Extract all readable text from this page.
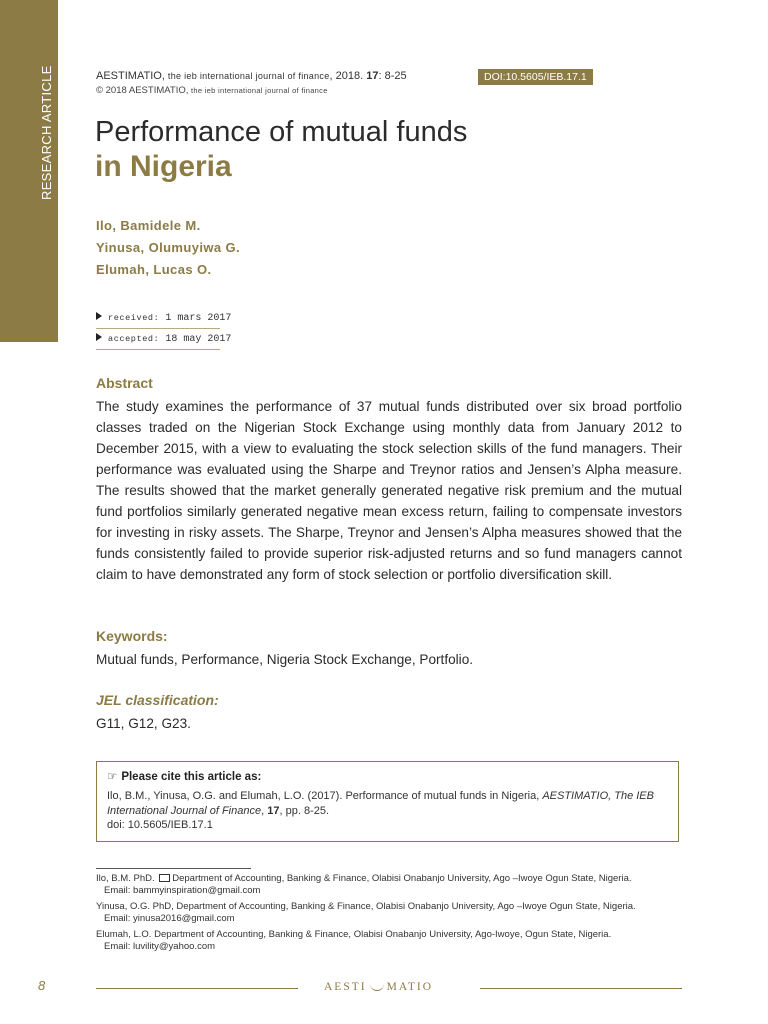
RESEARCH ARTICLE	AESTIMATIO, the ieb international journal of finance, 2018. 17: 8-25	DOI:10.5605/IEB.17.1
© 2018 AESTIMATIO, the ieb international journal of finance
Performance of mutual funds
in Nigeria
Ilo, Bamidele M.
Yinusa, Olumuyiwa G.
Elumah, Lucas O.
received: 1 mars 2017
accepted: 18 may 2017
Abstract
The study examines the performance of 37 mutual funds distributed over six broad portfolio classes traded on the Nigerian Stock Exchange using monthly data from January 2012 to December 2015, with a view to evaluating the stock selection skills of the fund managers. Their performance was evaluated using the Sharpe and Treynor ratios and Jensen’s Alpha measure. The results showed that the market generally generated negative risk premium and the mutual fund portfolios similarly generated negative mean excess return, failing to compensate investors for investing in risky assets. The Sharpe, Treynor and Jensen’s Alpha measures showed that the funds consistently failed to provide superior risk-adjusted returns and so fund managers cannot claim to have demonstrated any form of stock selection or portfolio diversification skill.
Keywords:
Mutual funds, Performance, Nigeria Stock Exchange, Portfolio.
JEL classification:
G11, G12, G23.
☞ Please cite this article as:
Ilo, B.M., Yinusa, O.G. and Elumah, L.O. (2017). Performance of mutual funds in Nigeria, AESTIMATIO, The IEB International Journal of Finance, 17, pp. 8-25.
doi: 10.5605/IEB.17.1
Ilo, B.M. PhD. Department of Accounting, Banking & Finance, Olabisi Onabanjo University, Ago –Iwoye Ogun State, Nigeria.
Email: bammyinspiration@gmail.com
Yinusa, O.G. PhD, Department of Accounting, Banking & Finance, Olabisi Onabanjo University, Ago –Iwoye Ogun State, Nigeria.
Email: yinusa2016@gmail.com
Elumah, L.O. Department of Accounting, Banking & Finance, Olabisi Onabanjo University, Ago-Iwoye, Ogun State, Nigeria.
Email: luvility@yahoo.com
8	AESTI MATIO
